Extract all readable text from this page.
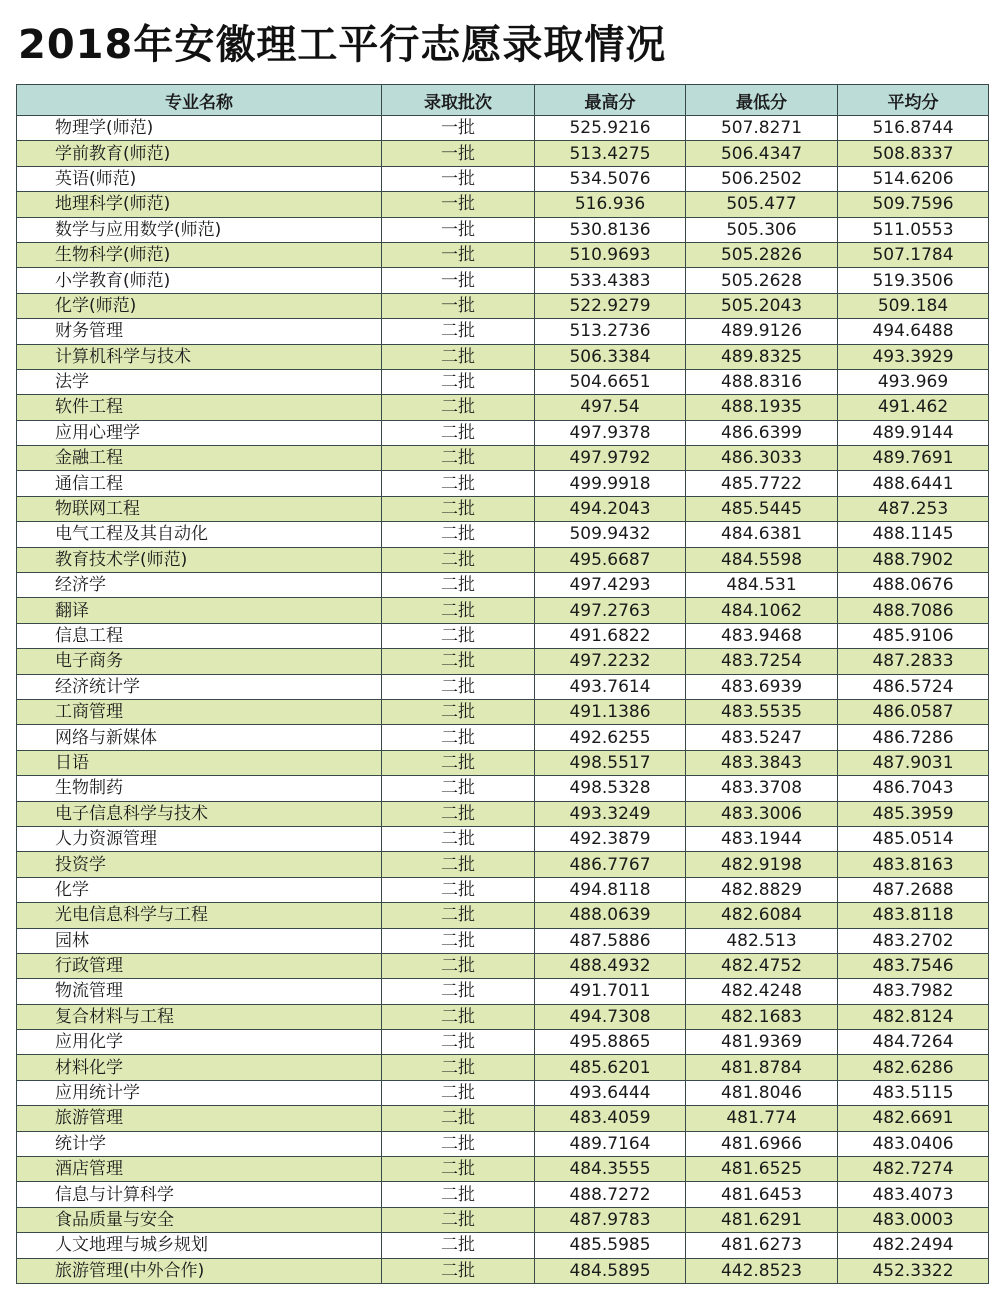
2018年安徽理工平行志愿录取情况
专业名称	录取批次	最高分	最低分	平均分
物理学(师范)	一批	525.9216	507.8271	516.8744
学前教育(师范)	一批	513.4275	506.4347	508.8337
英语(师范)	一批	534.5076	506.2502	514.6206
地理科学(师范)	一批	516.936	505.477	509.7596
数学与应用数学(师范)	一批	530.8136	505.306	511.0553
生物科学(师范)	一批	510.9693	505.2826	507.1784
小学教育(师范)	一批	533.4383	505.2628	519.3506
化学(师范)	一批	522.9279	505.2043	509.184
财务管理	二批	513.2736	489.9126	494.6488
计算机科学与技术	二批	506.3384	489.8325	493.3929
法学	二批	504.6651	488.8316	493.969
软件工程	二批	497.54	488.1935	491.462
应用心理学	二批	497.9378	486.6399	489.9144
金融工程	二批	497.9792	486.3033	489.7691
通信工程	二批	499.9918	485.7722	488.6441
物联网工程	二批	494.2043	485.5445	487.253
电气工程及其自动化	二批	509.9432	484.6381	488.1145
教育技术学(师范)	二批	495.6687	484.5598	488.7902
经济学	二批	497.4293	484.531	488.0676
翻译	二批	497.2763	484.1062	488.7086
信息工程	二批	491.6822	483.9468	485.9106
电子商务	二批	497.2232	483.7254	487.2833
经济统计学	二批	493.7614	483.6939	486.5724
工商管理	二批	491.1386	483.5535	486.0587
网络与新媒体	二批	492.6255	483.5247	486.7286
日语	二批	498.5517	483.3843	487.9031
生物制药	二批	498.5328	483.3708	486.7043
电子信息科学与技术	二批	493.3249	483.3006	485.3959
人力资源管理	二批	492.3879	483.1944	485.0514
投资学	二批	486.7767	482.9198	483.8163
化学	二批	494.8118	482.8829	487.2688
光电信息科学与工程	二批	488.0639	482.6084	483.8118
园林	二批	487.5886	482.513	483.2702
行政管理	二批	488.4932	482.4752	483.7546
物流管理	二批	491.7011	482.4248	483.7982
复合材料与工程	二批	494.7308	482.1683	482.8124
应用化学	二批	495.8865	481.9369	484.7264
材料化学	二批	485.6201	481.8784	482.6286
应用统计学	二批	493.6444	481.8046	483.5115
旅游管理	二批	483.4059	481.774	482.6691
统计学	二批	489.7164	481.6966	483.0406
酒店管理	二批	484.3555	481.6525	482.7274
信息与计算科学	二批	488.7272	481.6453	483.4073
食品质量与安全	二批	487.9783	481.6291	483.0003
人文地理与城乡规划	二批	485.5985	481.6273	482.2494
旅游管理(中外合作)	二批	484.5895	442.8523	452.3322
